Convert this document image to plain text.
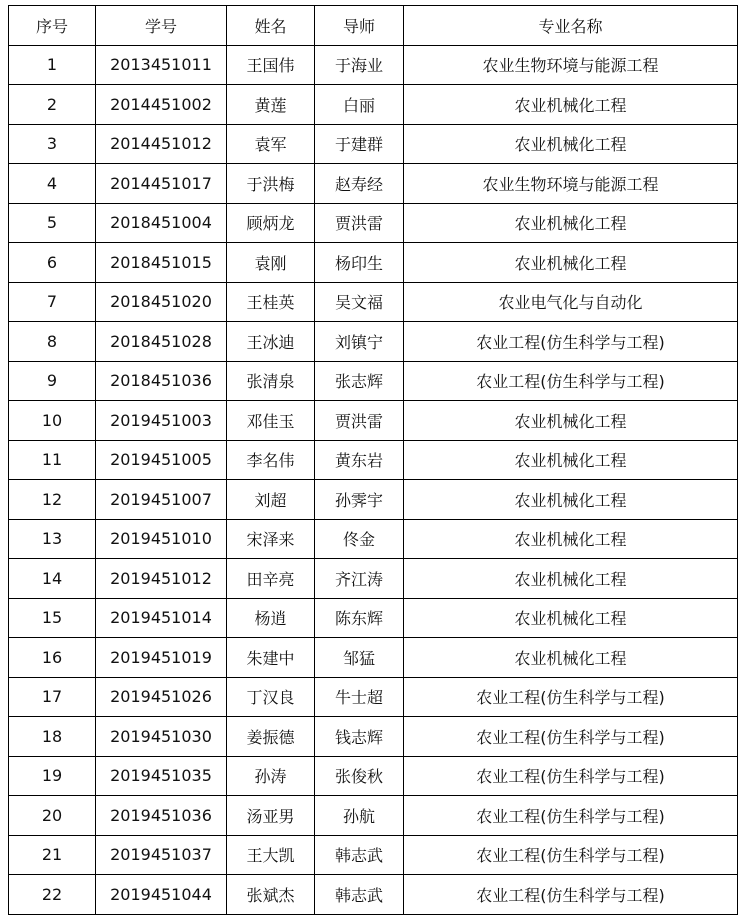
序号	学号	姓名	导师	专业名称
1	2013451011	王国伟	于海业	农业生物环境与能源工程
2	2014451002	黄莲	白丽	农业机械化工程
3	2014451012	袁军	于建群	农业机械化工程
4	2014451017	于洪梅	赵寿经	农业生物环境与能源工程
5	2018451004	顾炳龙	贾洪雷	农业机械化工程
6	2018451015	袁刚	杨印生	农业机械化工程
7	2018451020	王桂英	吴文福	农业电气化与自动化
8	2018451028	王冰迪	刘镇宁	农业工程(仿生科学与工程)
9	2018451036	张清泉	张志辉	农业工程(仿生科学与工程)
10	2019451003	邓佳玉	贾洪雷	农业机械化工程
11	2019451005	李名伟	黄东岩	农业机械化工程
12	2019451007	刘超	孙霁宇	农业机械化工程
13	2019451010	宋泽来	佟金	农业机械化工程
14	2019451012	田辛亮	齐江涛	农业机械化工程
15	2019451014	杨逍	陈东辉	农业机械化工程
16	2019451019	朱建中	邹猛	农业机械化工程
17	2019451026	丁汉良	牛士超	农业工程(仿生科学与工程)
18	2019451030	姜振德	钱志辉	农业工程(仿生科学与工程)
19	2019451035	孙涛	张俊秋	农业工程(仿生科学与工程)
20	2019451036	汤亚男	孙航	农业工程(仿生科学与工程)
21	2019451037	王大凯	韩志武	农业工程(仿生科学与工程)
22	2019451044	张斌杰	韩志武	农业工程(仿生科学与工程)
